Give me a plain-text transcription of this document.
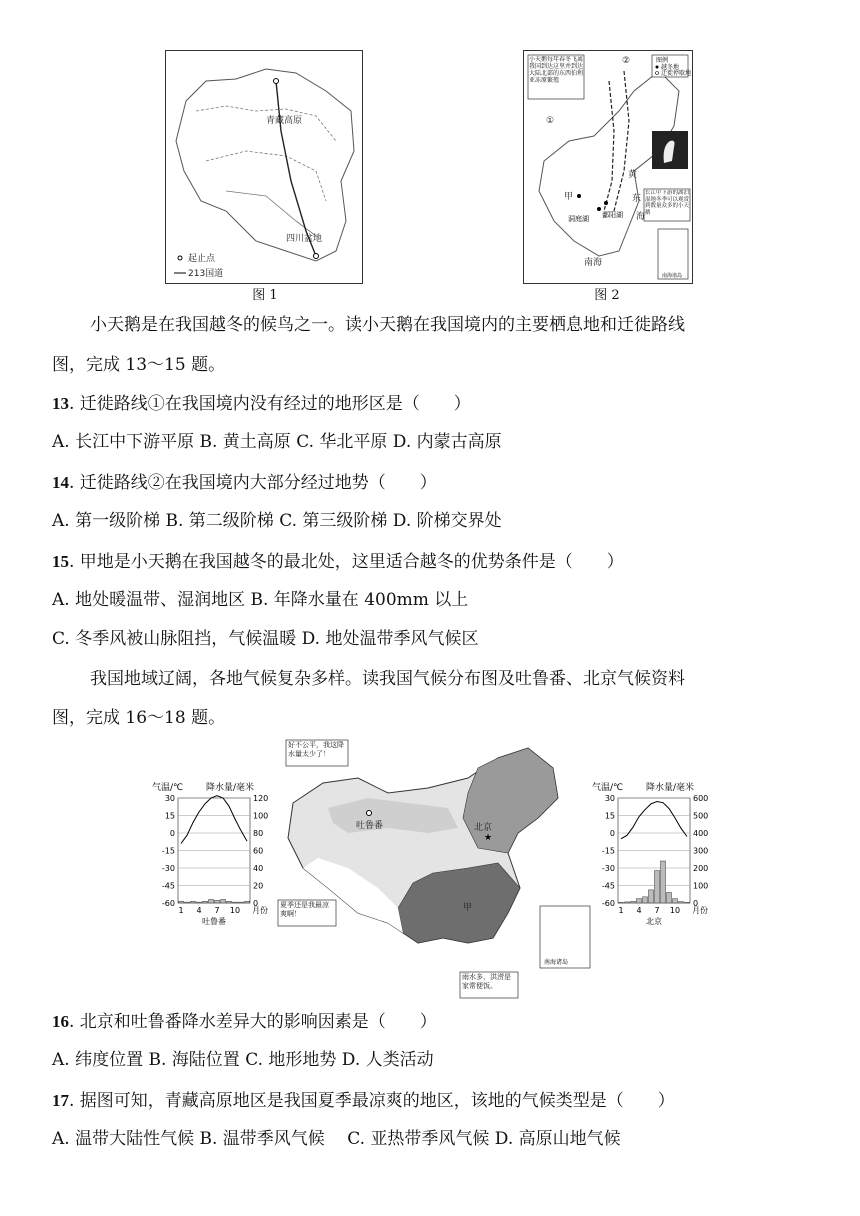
青藏高原
四川盆地
起止点
213国道
图 1
小天鹅每年春冬飞离我国到达这里并到达大陆北部的东西伯利亚冻原繁殖
图例
越冬地
迁徙停歇地
长江中下游的湖泊湿地冬季可以观赏到数量众多的小天鹅
②
①
甲
洞庭湖 鄱阳湖
东
海
黄
南海
南海诸岛
图 2
小天鹅是在我国越冬的候鸟之一。读小天鹅在我国境内的主要栖息地和迁徙路线
图，完成 13～15 题。
13. 迁徙路线①在我国境内没有经过的地形区是（　　）
A. 长江中下游平原 B. 黄土高原 C. 华北平原 D. 内蒙古高原
14. 迁徙路线②在我国境内大部分经过地势（　　）
A. 第一级阶梯 B. 第二级阶梯 C. 第三级阶梯 D. 阶梯交界处
15. 甲地是小天鹅在我国越冬的最北处，这里适合越冬的优势条件是（　　）
A. 地处暖温带、湿润地区 B. 年降水量在 400mm 以上
C. 冬季风被山脉阻挡，气候温暖 D. 地处温带季风气候区
我国地域辽阔，各地气候复杂多样。读我国气候分布图及吐鲁番、北京气候资料
图，完成 16～18 题。
气温/℃	降水量/毫米
30	120
15	100
0	80
-15	60
-30	40
-45	20
-60	0
1 4 7 10 月份
吐鲁番
气温/℃	降水量/毫米
30	600
15	500
0	400
-15	300
-30	200
-45	100
-60	0
1 4 7 10 月份
北京
吐鲁番	北京
★
甲
南海诸岛
好不公平，我这降水量太少了！
夏季还是我最凉爽啊！
雨水多，洪涝是家常便饭。
16. 北京和吐鲁番降水差异大的影响因素是（　　）
A. 纬度位置 B. 海陆位置 C. 地形地势 D. 人类活动
17. 据图可知，青藏高原地区是我国夏季最凉爽的地区，该地的气候类型是（　　）
A. 温带大陆性气候 B. 温带季风气候　 C. 亚热带季风气候 D. 高原山地气候
